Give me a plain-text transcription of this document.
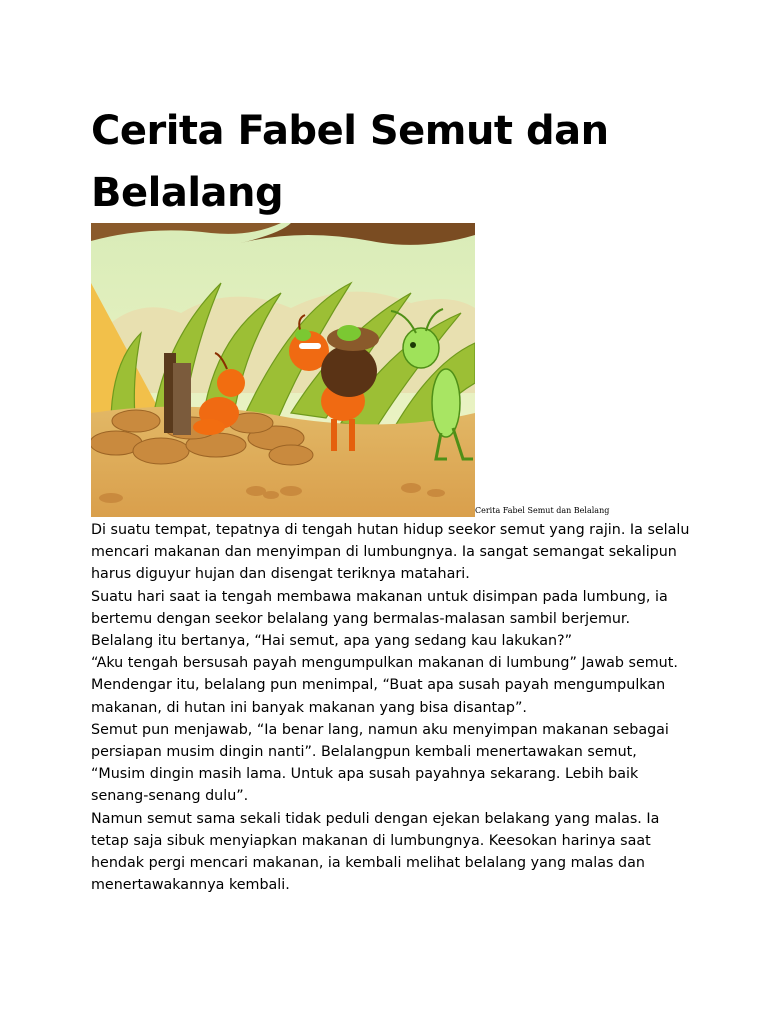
Cerita Fabel Semut dan Belalang
Cerita Fabel Semut dan Belalang

Di suatu tempat, tepatnya di tengah hutan hidup seekor semut yang rajin. Ia selalu mencari makanan dan menyimpan di lumbungnya. Ia sangat semangat sekalipun harus diguyur hujan dan disengat teriknya matahari.

Suatu hari saat ia tengah membawa makanan untuk disimpan pada lumbung, ia bertemu dengan seekor belalang yang bermalas-malasan sambil berjemur.

Belalang itu bertanya, “Hai semut, apa yang sedang kau lakukan?”

“Aku tengah bersusah payah mengumpulkan makanan di lumbung” Jawab semut.

Mendengar itu, belalang pun menimpal, “Buat apa susah payah mengumpulkan makanan, di hutan ini banyak makanan yang bisa disantap”.

Semut pun menjawab, “Ia benar lang, namun aku menyimpan makanan sebagai persiapan musim dingin nanti”. Belalangpun kembali menertawakan semut, “Musim dingin masih lama. Untuk apa susah payahnya sekarang. Lebih baik senang-senang dulu”.

Namun semut sama sekali tidak peduli dengan ejekan belakang yang malas. Ia tetap saja sibuk menyiapkan makanan di lumbungnya. Keesokan harinya saat hendak pergi mencari makanan, ia kembali melihat belalang yang malas dan menertawakannya kembali.
